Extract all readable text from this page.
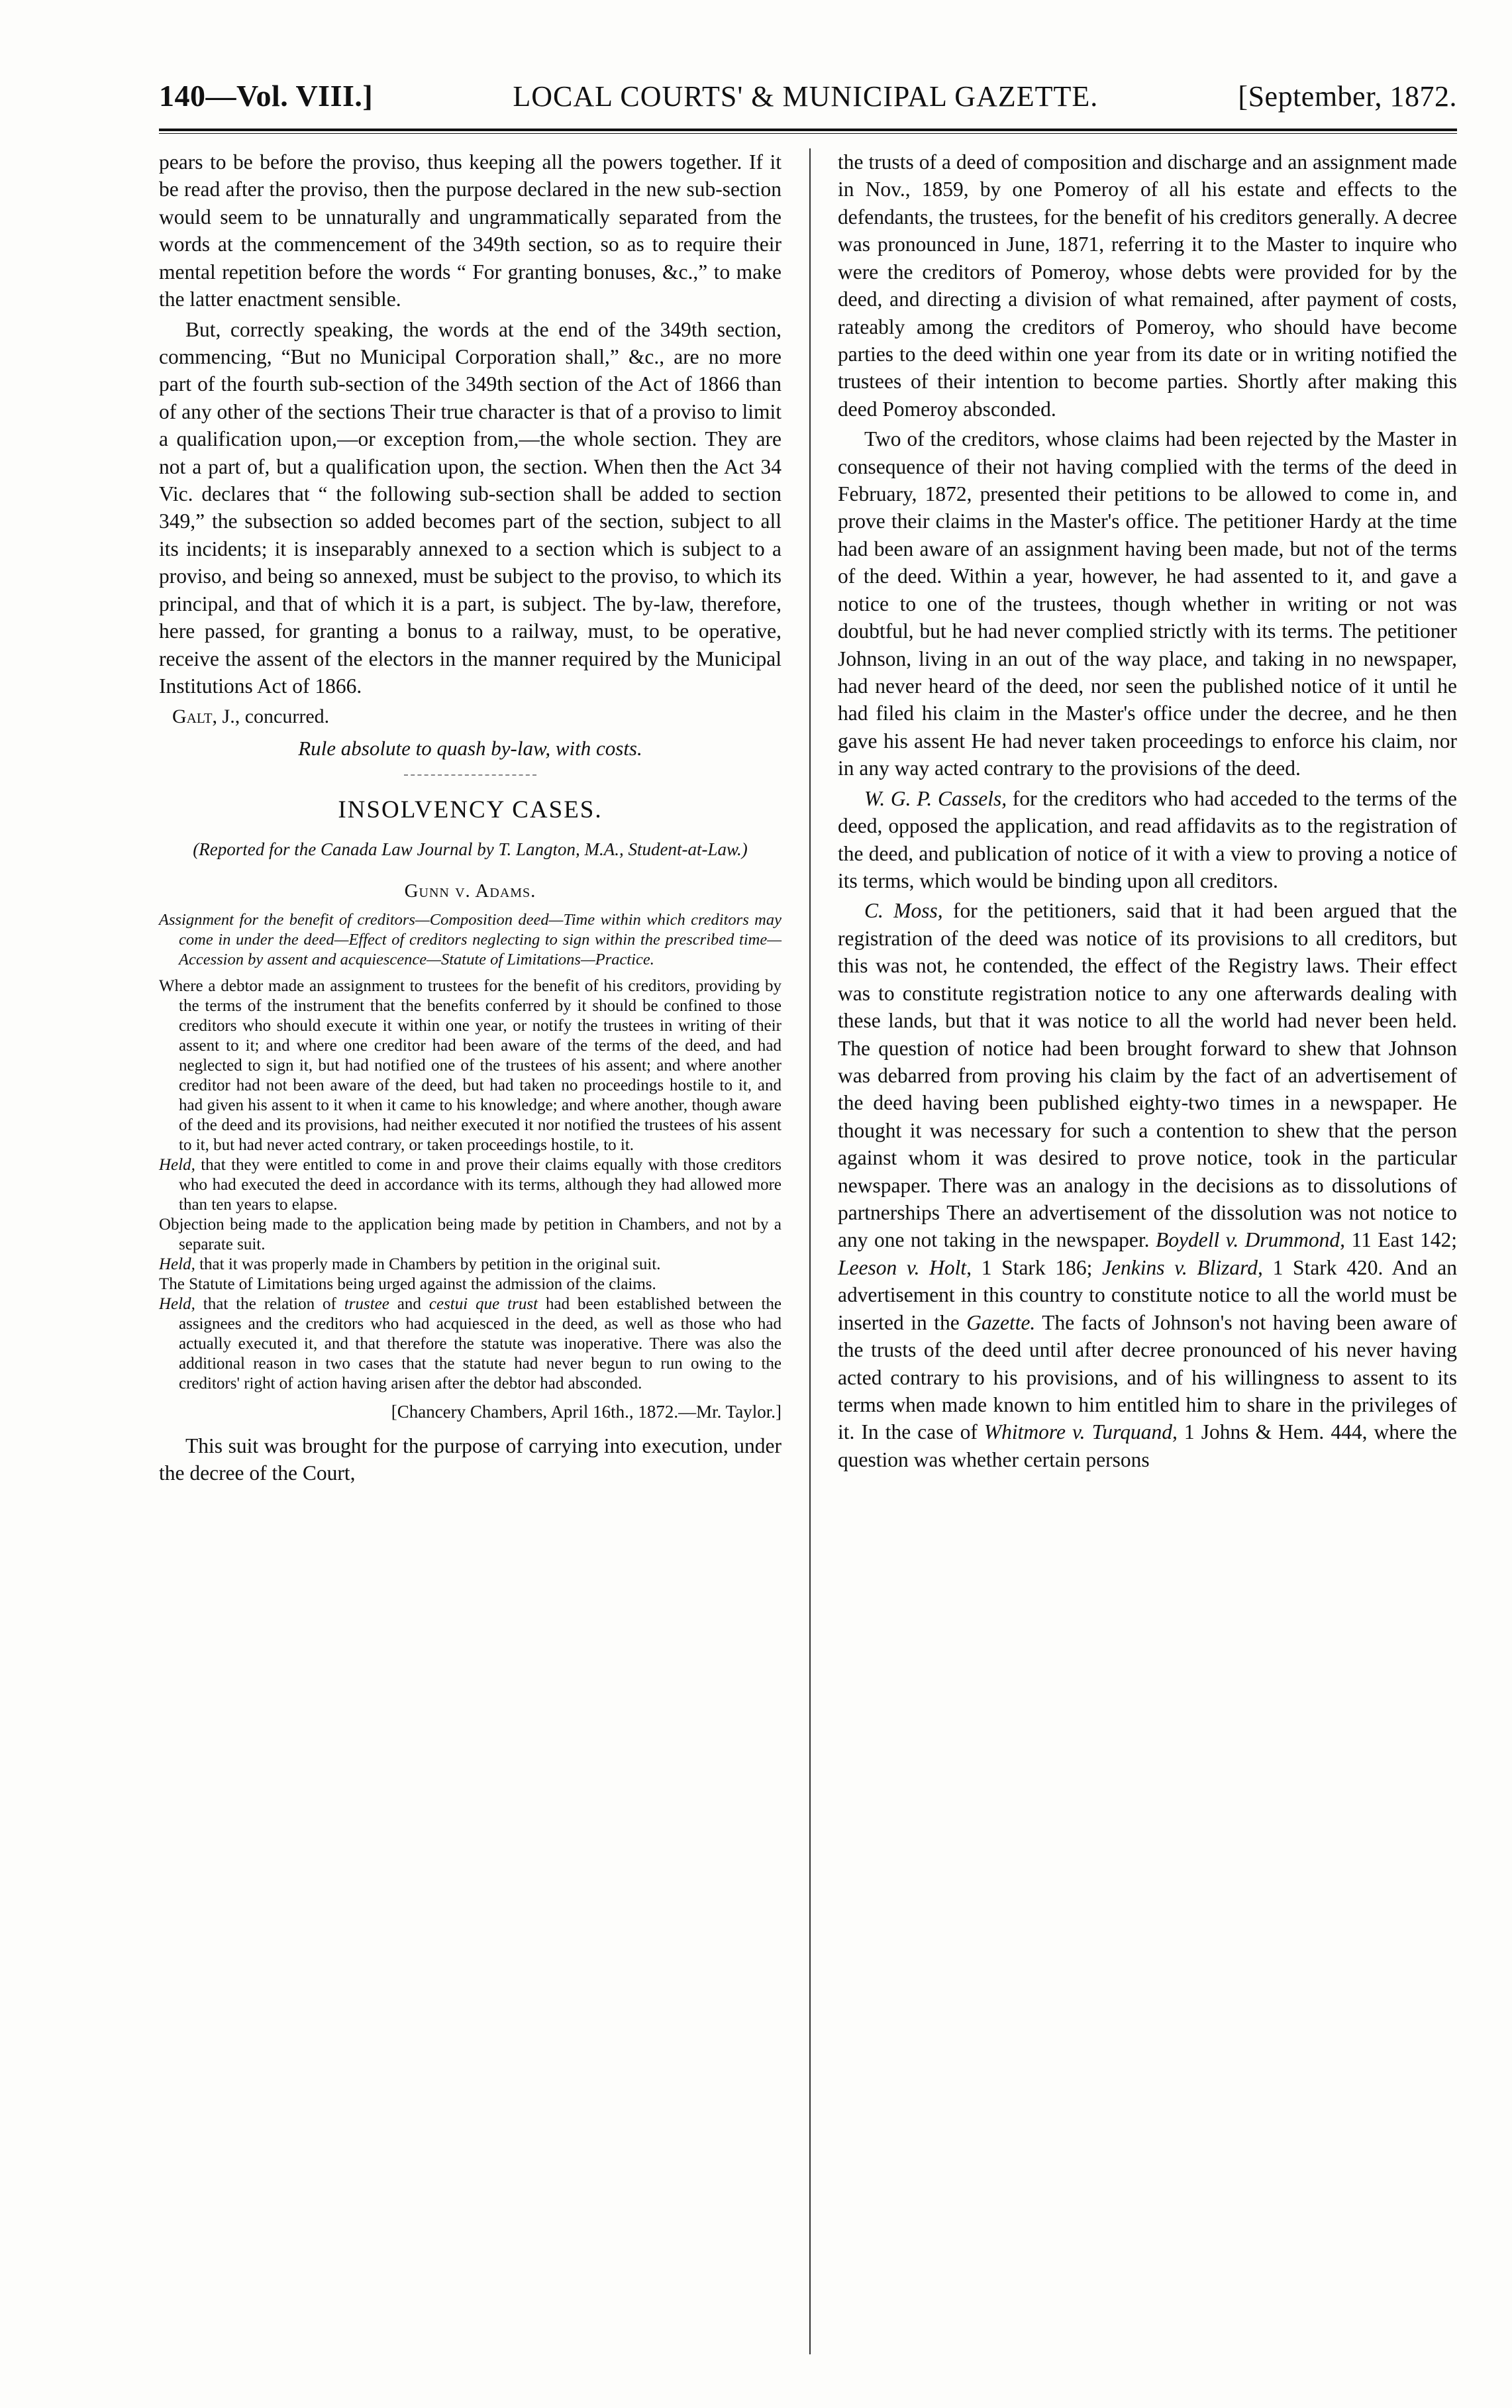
140—Vol. VIII.]	LOCAL COURTS' & MUNICIPAL GAZETTE.	[September, 1872.

pears to be before the proviso, thus keeping all the powers together. If it be read after the proviso, then the purpose declared in the new sub-section would seem to be unnaturally and ungrammatically separated from the words at the commencement of the 349th section, so as to require their mental repetition before the words “ For granting bonuses, &c.,” to make the latter enactment sensible.

But, correctly speaking, the words at the end of the 349th section, commencing, “But no Municipal Corporation shall,” &c., are no more part of the fourth sub-section of the 349th section of the Act of 1866 than of any other of the sections Their true character is that of a proviso to limit a qualification upon,—or exception from,—the whole section. They are not a part of, but a qualification upon, the section. When then the Act 34 Vic. declares that “ the following sub-section shall be added to section 349,” the subsection so added becomes part of the section, subject to all its incidents; it is inseparably annexed to a section which is subject to a proviso, and being so annexed, must be subject to the proviso, to which its principal, and that of which it is a part, is subject. The by-law, therefore, here passed, for granting a bonus to a railway, must, to be operative, receive the assent of the electors in the manner required by the Municipal Institutions Act of 1866.

Galt, J., concurred.

Rule absolute to quash by-law, with costs.

INSOLVENCY CASES.
(Reported for the Canada Law Journal by T. Langton, M.A., Student-at-Law.)
Gunn v. Adams.

Assignment for the benefit of creditors—Composition deed—Time within which creditors may come in under the deed—Effect of creditors neglecting to sign within the prescribed time—Accession by assent and acquiescence—Statute of Limitations—Practice.

Where a debtor made an assignment to trustees for the benefit of his creditors, providing by the terms of the instrument that the benefits conferred by it should be confined to those creditors who should execute it within one year, or notify the trustees in writing of their assent to it; and where one creditor had been aware of the terms of the deed, and had neglected to sign it, but had notified one of the trustees of his assent; and where another creditor had not been aware of the deed, but had taken no proceedings hostile to it, and had given his assent to it when it came to his knowledge; and where another, though aware of the deed and its provisions, had neither executed it nor notified the trustees of his assent to it, but had never acted contrary, or taken proceedings hostile, to it.

Held, that they were entitled to come in and prove their claims equally with those creditors who had executed the deed in accordance with its terms, although they had allowed more than ten years to elapse.

Objection being made to the application being made by petition in Chambers, and not by a separate suit.

Held, that it was properly made in Chambers by petition in the original suit.

The Statute of Limitations being urged against the admission of the claims.

Held, that the relation of trustee and cestui que trust had been established between the assignees and the creditors who had acquiesced in the deed, as well as those who had actually executed it, and that therefore the statute was inoperative. There was also the additional reason in two cases that the statute had never begun to run owing to the creditors' right of action having arisen after the debtor had absconded.

[Chancery Chambers, April 16th., 1872.—Mr. Taylor.]

This suit was brought for the purpose of carrying into execution, under the decree of the Court,

the trusts of a deed of composition and discharge and an assignment made in Nov., 1859, by one Pomeroy of all his estate and effects to the defendants, the trustees, for the benefit of his creditors generally. A decree was pronounced in June, 1871, referring it to the Master to inquire who were the creditors of Pomeroy, whose debts were provided for by the deed, and directing a division of what remained, after payment of costs, rateably among the creditors of Pomeroy, who should have become parties to the deed within one year from its date or in writing notified the trustees of their intention to become parties. Shortly after making this deed Pomeroy absconded.

Two of the creditors, whose claims had been rejected by the Master in consequence of their not having complied with the terms of the deed in February, 1872, presented their petitions to be allowed to come in, and prove their claims in the Master's office. The petitioner Hardy at the time had been aware of an assignment having been made, but not of the terms of the deed. Within a year, however, he had assented to it, and gave a notice to one of the trustees, though whether in writing or not was doubtful, but he had never complied strictly with its terms. The petitioner Johnson, living in an out of the way place, and taking in no newspaper, had never heard of the deed, nor seen the published notice of it until he had filed his claim in the Master's office under the decree, and he then gave his assent He had never taken proceedings to enforce his claim, nor in any way acted contrary to the provisions of the deed.

W. G. P. Cassels, for the creditors who had acceded to the terms of the deed, opposed the application, and read affidavits as to the registration of the deed, and publication of notice of it with a view to proving a notice of its terms, which would be binding upon all creditors.

C. Moss, for the petitioners, said that it had been argued that the registration of the deed was notice of its provisions to all creditors, but this was not, he contended, the effect of the Registry laws. Their effect was to constitute registration notice to any one afterwards dealing with these lands, but that it was notice to all the world had never been held. The question of notice had been brought forward to shew that Johnson was debarred from proving his claim by the fact of an advertisement of the deed having been published eighty-two times in a newspaper. He thought it was necessary for such a contention to shew that the person against whom it was desired to prove notice, took in the particular newspaper. There was an analogy in the decisions as to dissolutions of partnerships There an advertisement of the dissolution was not notice to any one not taking in the newspaper. Boydell v. Drummond, 11 East 142; Leeson v. Holt, 1 Stark 186; Jenkins v. Blizard, 1 Stark 420. And an advertisement in this country to constitute notice to all the world must be inserted in the Gazette. The facts of Johnson's not having been aware of the trusts of the deed until after decree pronounced of his never having acted contrary to his provisions, and of his willingness to assent to its terms when made known to him entitled him to share in the privileges of it. In the case of Whitmore v. Turquand, 1 Johns & Hem. 444, where the question was whether certain persons
